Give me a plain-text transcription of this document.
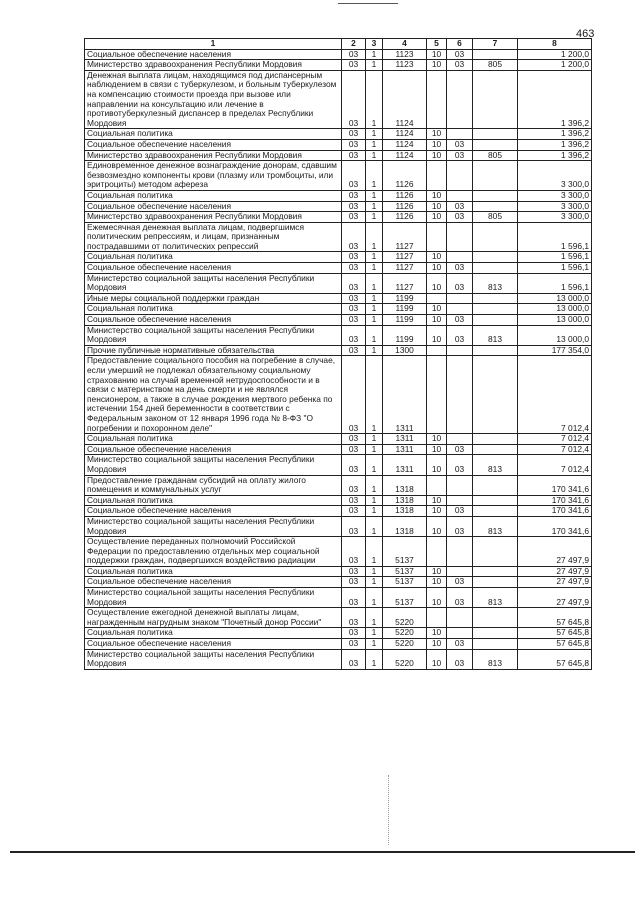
463
1	2	3	4	5	6	7	8
Социальное обеспечение населения	03	1	1123	10	03		1 200,0
Министерство здравоохранения Республики Мордовия	03	1	1123	10	03	805	1 200,0
Денежная выплата лицам, находящимся под диспансерным наблюдением в связи с туберкулезом, и больным туберкулезом на компенсацию стоимости проезда при вызове или направлении на консультацию или лечение в противотуберкулезный диспансер в пределах Республики Мордовия	03	1	1124				1 396,2
Социальная политика	03	1	1124	10			1 396,2
Социальное обеспечение населения	03	1	1124	10	03		1 396,2
Министерство здравоохранения Республики Мордовия	03	1	1124	10	03	805	1 396,2
Единовременное денежное вознаграждение донорам, сдавшим безвозмездно компоненты крови (плазму или тромбоциты, или эритроциты) методом афереза	03	1	1126				3 300,0
Социальная политика	03	1	1126	10			3 300,0
Социальное обеспечение населения	03	1	1126	10	03		3 300,0
Министерство здравоохранения Республики Мордовия	03	1	1126	10	03	805	3 300,0
Ежемесячная денежная выплата лицам, подвергшимся политическим репрессиям, и лицам, признанным пострадавшими от политических репрессий	03	1	1127				1 596,1
Социальная политика	03	1	1127	10			1 596,1
Социальное обеспечение населения	03	1	1127	10	03		1 596,1
Министерство социальной защиты населения Республики Мордовия	03	1	1127	10	03	813	1 596,1
Иные меры социальной поддержки граждан	03	1	1199				13 000,0
Социальная политика	03	1	1199	10			13 000,0
Социальное обеспечение населения	03	1	1199	10	03		13 000,0
Министерство социальной защиты населения Республики Мордовия	03	1	1199	10	03	813	13 000,0
Прочие публичные нормативные обязательства	03	1	1300				177 354,0
Предоставление социального пособия на погребение в случае, если умерший не подлежал обязательному социальному страхованию на случай временной нетрудоспособности и в связи с материнством на день смерти и не являлся пенсионером, а также в случае рождения мертвого ребенка по истечении 154 дней беременности в соответствии с Федеральным законом от 12 января 1996 года № 8-ФЗ "О погребении и похоронном деле"	03	1	1311				7 012,4
Социальная политика	03	1	1311	10			7 012,4
Социальное обеспечение населения	03	1	1311	10	03		7 012,4
Министерство социальной защиты населения Республики Мордовия	03	1	1311	10	03	813	7 012,4
Предоставление гражданам субсидий на оплату жилого помещения и коммунальных услуг	03	1	1318				170 341,6
Социальная политика	03	1	1318	10			170 341,6
Социальное обеспечение населения	03	1	1318	10	03		170 341,6
Министерство социальной защиты населения Республики Мордовия	03	1	1318	10	03	813	170 341,6
Осуществление переданных полномочий Российской Федерации по предоставлению отдельных мер социальной поддержки граждан, подвергшихся воздействию радиации	03	1	5137				27 497,9
Социальная политика	03	1	5137	10			27 497,9
Социальное обеспечение населения	03	1	5137	10	03		27 497,9
Министерство социальной защиты населения Республики Мордовия	03	1	5137	10	03	813	27 497,9
Осуществление ежегодной денежной выплаты лицам, награжденным нагрудным знаком "Почетный донор России"	03	1	5220				57 645,8
Социальная политика	03	1	5220	10			57 645,8
Социальное обеспечение населения	03	1	5220	10	03		57 645,8
Министерство социальной защиты населения Республики Мордовия	03	1	5220	10	03	813	57 645,8
